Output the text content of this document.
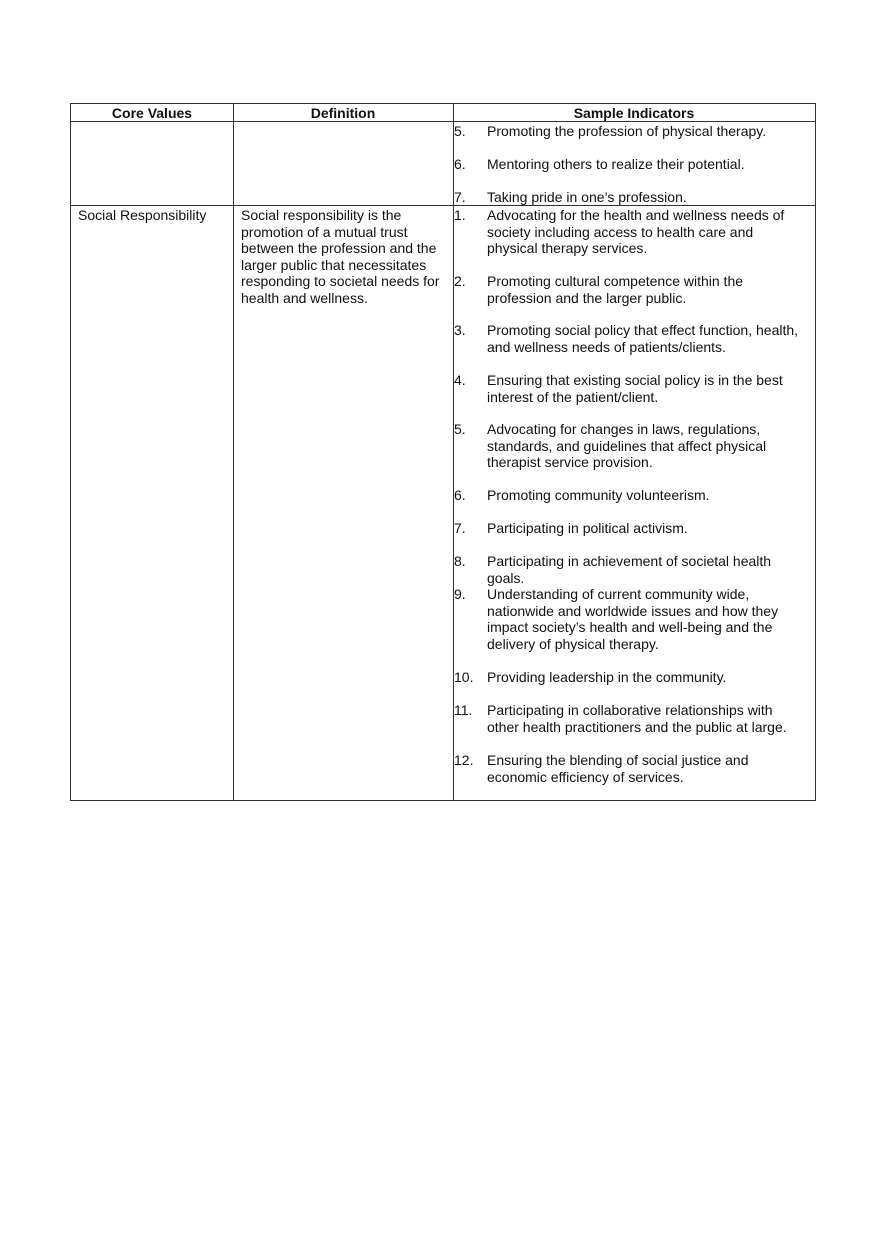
Core Values	Definition	Sample Indicators
5. Promoting the profession of physical therapy.
6. Mentoring others to realize their potential.
7. Taking pride in one’s profession.
Social Responsibility	Social responsibility is the promotion of a mutual trust between the profession and the larger public that necessitates responding to societal needs for health and wellness.
1. Advocating for the health and wellness needs of society including access to health care and physical therapy services.
2. Promoting cultural competence within the profession and the larger public.
3. Promoting social policy that effect function, health, and wellness needs of patients/clients.
4. Ensuring that existing social policy is in the best interest of the patient/client.
5. Advocating for changes in laws, regulations, standards, and guidelines that affect physical therapist service provision.
6. Promoting community volunteerism.
7. Participating in political activism.
8. Participating in achievement of societal health goals.
9. Understanding of current community wide, nationwide and worldwide issues and how they impact society’s health and well-being and the delivery of physical therapy.
10. Providing leadership in the community.
11. Participating in collaborative relationships with other health practitioners and the public at large.
12. Ensuring the blending of social justice and economic efficiency of services.
